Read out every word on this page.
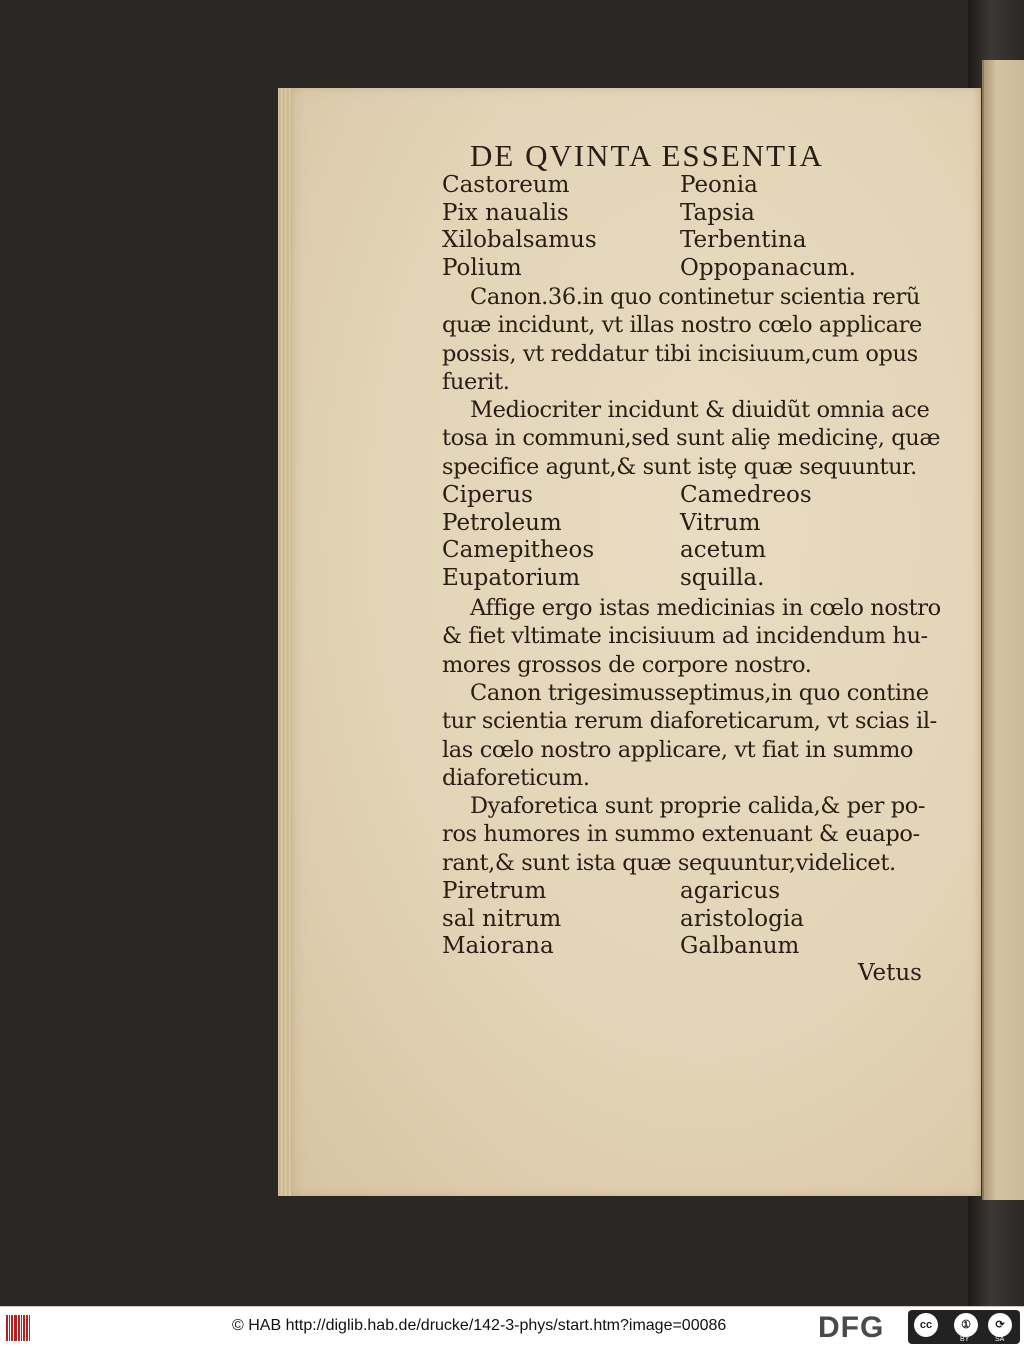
DE QVINTA ESSENTIA
Castoreum	Peonia
Pix naualis	Tapsia
Xilobalsamus	Terbentina
Polium	Oppopanacum.
Canon.36.in quo continetur scientia rerũ
quæ incidunt, vt illas nostro cœlo applicare
possis, vt reddatur tibi incisiuum,cum opus
fuerit.
Mediocriter incidunt & diuidũt omnia ace
tosa in communi,sed sunt aliȩ medicinȩ, quæ
specifice agunt,& sunt istȩ quæ sequuntur.
Ciperus	Camedreos
Petroleum	Vitrum
Camepitheos	acetum
Eupatorium	squilla.
Affige ergo istas medicinias in cœlo nostro
& fiet vltimate incisiuum ad incidendum hu-
mores grossos de corpore nostro.
Canon trigesimusseptimus,in quo contine
tur scientia rerum diaforeticarum, vt scias il-
las cœlo nostro applicare, vt fiat in summo
diaforeticum.
Dyaforetica sunt proprie calida,& per po-
ros humores in summo extenuant & euapo-
rant,& sunt ista quæ sequuntur,videlicet.
Piretrum	agaricus
sal nitrum	aristologia
Maiorana	Galbanum
Vetus
© HAB http://diglib.hab.de/drucke/142-3-phys/start.htm?image=00086	DFG	cc	①	⟳
BY	SA
